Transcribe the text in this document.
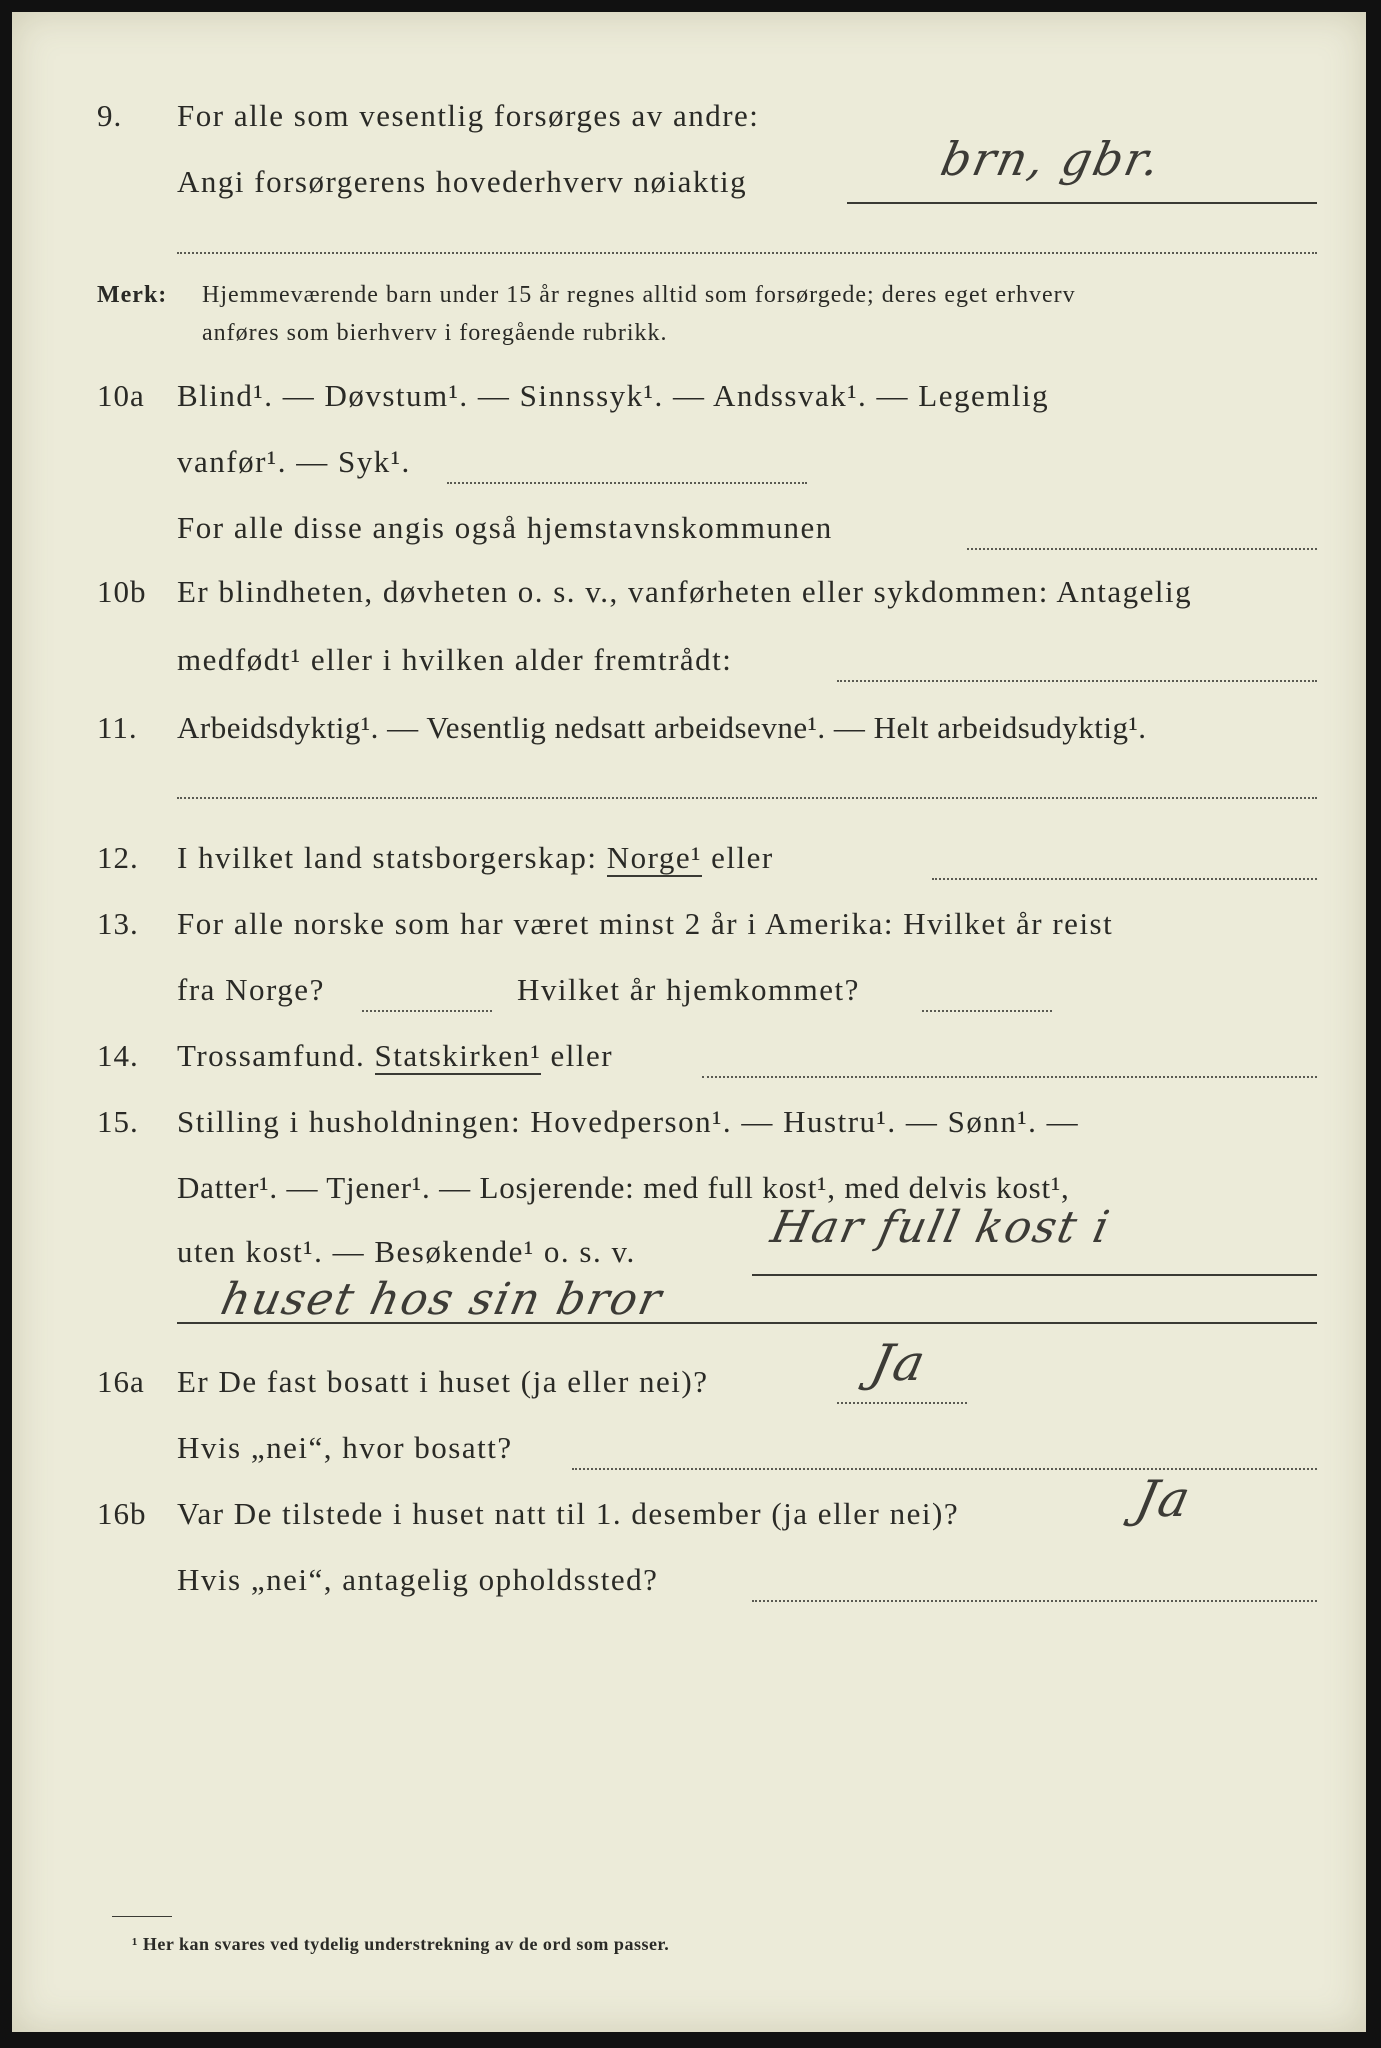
9. For alle som vesentlig forsørges av andre:
Angi forsørgerens hovederhverv nøiaktig	brn, gbr.
Merk: Hjemmeværende barn under 15 år regnes alltid som forsørgede; deres eget erhverv
anføres som bierhverv i foregående rubrikk.
10a Blind¹. — Døvstum¹. — Sinnssyk¹. — Andssvak¹. — Legemlig
vanfør¹. — Syk¹.
For alle disse angis også hjemstavnskommunen
10b Er blindheten, døvheten o. s. v., vanførheten eller sykdommen: Antagelig
medfødt¹ eller i hvilken alder fremtrådt:
11. Arbeidsdyktig¹. — Vesentlig nedsatt arbeidsevne¹. — Helt arbeidsudyktig¹.
12. I hvilket land statsborgerskap: Norge¹ eller
13. For alle norske som har været minst 2 år i Amerika: Hvilket år reist
fra Norge?	Hvilket år hjemkommet?
14. Trossamfund. Statskirken¹ eller
15. Stilling i husholdningen: Hovedperson¹. — Hustru¹. — Sønn¹. —
Datter¹. — Tjener¹. — Losjerende: med full kost¹, med delvis kost¹,
uten kost¹. — Besøkende¹ o. s. v.	Har full kost i
huset hos sin bror
16a Er De fast bosatt i huset (ja eller nei)?	Ja
Hvis „nei“, hvor bosatt?
16b Var De tilstede i huset natt til 1. desember (ja eller nei)?	Ja
Hvis „nei“, antagelig opholdssted?
¹ Her kan svares ved tydelig understrekning av de ord som passer.
